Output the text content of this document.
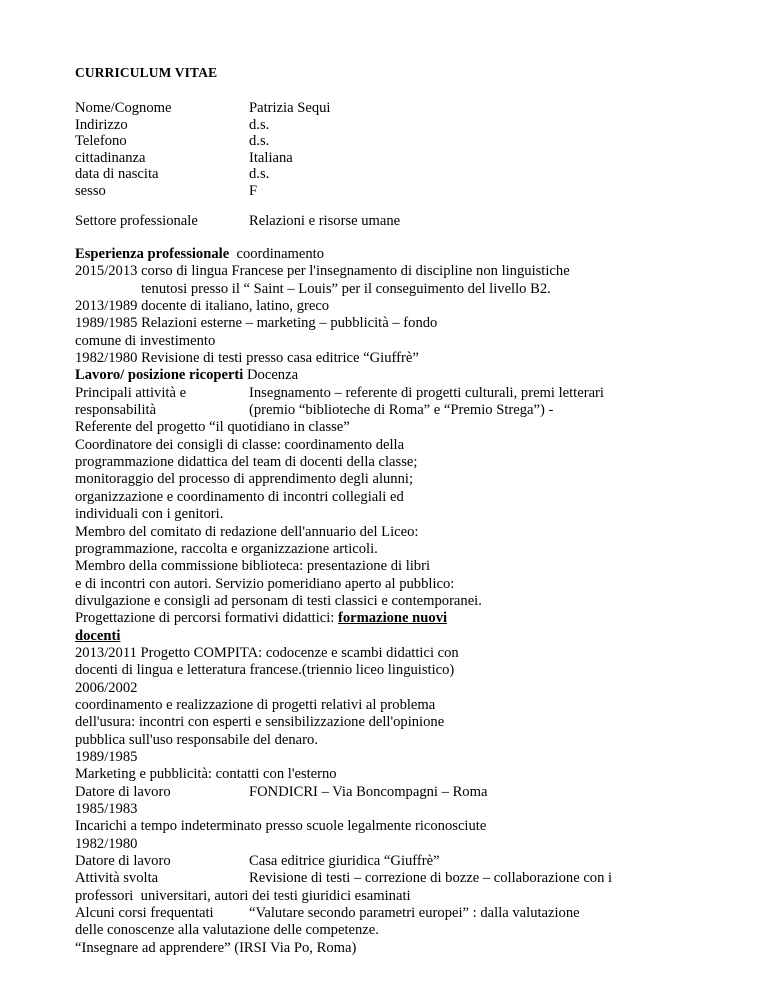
CURRICULUM VITAE
Nome/Cognome	Patrizia Sequi
Indirizzo	d.s.
Telefono	d.s.
cittadinanza	Italiana
data di nascita	d.s.
sesso	F
Settore professionale	Relazioni e risorse umane
Esperienza professionale  coordinamento
2015/2013 corso di lingua Francese per l'insegnamento di discipline non linguistiche
tenutosi presso il “ Saint – Louis” per il conseguimento del livello B2.
2013/1989 docente di italiano, latino, greco
1989/1985 Relazioni esterne – marketing – pubblicità – fondo
comune di investimento
1982/1980 Revisione di testi presso casa editrice “Giuffrè”
Lavoro/ posizione ricoperti Docenza
Principali attività e	Insegnamento – referente di progetti culturali, premi letterari
responsabilità	(premio “biblioteche di Roma” e “Premio Strega”) -
Referente del progetto “il quotidiano in classe”
Coordinatore dei consigli di classe: coordinamento della
programmazione didattica del team di docenti della classe;
monitoraggio del processo di apprendimento degli alunni;
organizzazione e coordinamento di incontri collegiali ed
individuali con i genitori.
Membro del comitato di redazione dell'annuario del Liceo:
programmazione, raccolta e organizzazione articoli.
Membro della commissione biblioteca: presentazione di libri
e di incontri con autori. Servizio pomeridiano aperto al pubblico:
divulgazione e consigli ad personam di testi classici e contemporanei.
Progettazione di percorsi formativi didattici: formazione nuovi
docenti
2013/2011 Progetto COMPITA: codocenze e scambi didattici con
docenti di lingua e letteratura francese.(triennio liceo linguistico)
2006/2002
coordinamento e realizzazione di progetti relativi al problema
dell'usura: incontri con esperti e sensibilizzazione dell'opinione
pubblica sull'uso responsabile del denaro.
1989/1985
Marketing e pubblicità: contatti con l'esterno
Datore di lavoro	FONDICRI – Via Boncompagni – Roma
1985/1983
Incarichi a tempo indeterminato presso scuole legalmente riconosciute
1982/1980
Datore di lavoro	Casa editrice giuridica “Giuffrè”
Attività svolta	Revisione di testi – correzione di bozze – collaborazione con i
professori  universitari, autori dei testi giuridici esaminati
Alcuni corsi frequentati “Valutare secondo parametri europei” : dalla valutazione
delle conoscenze alla valutazione delle competenze.
“Insegnare ad apprendere” (IRSI Via Po, Roma)
